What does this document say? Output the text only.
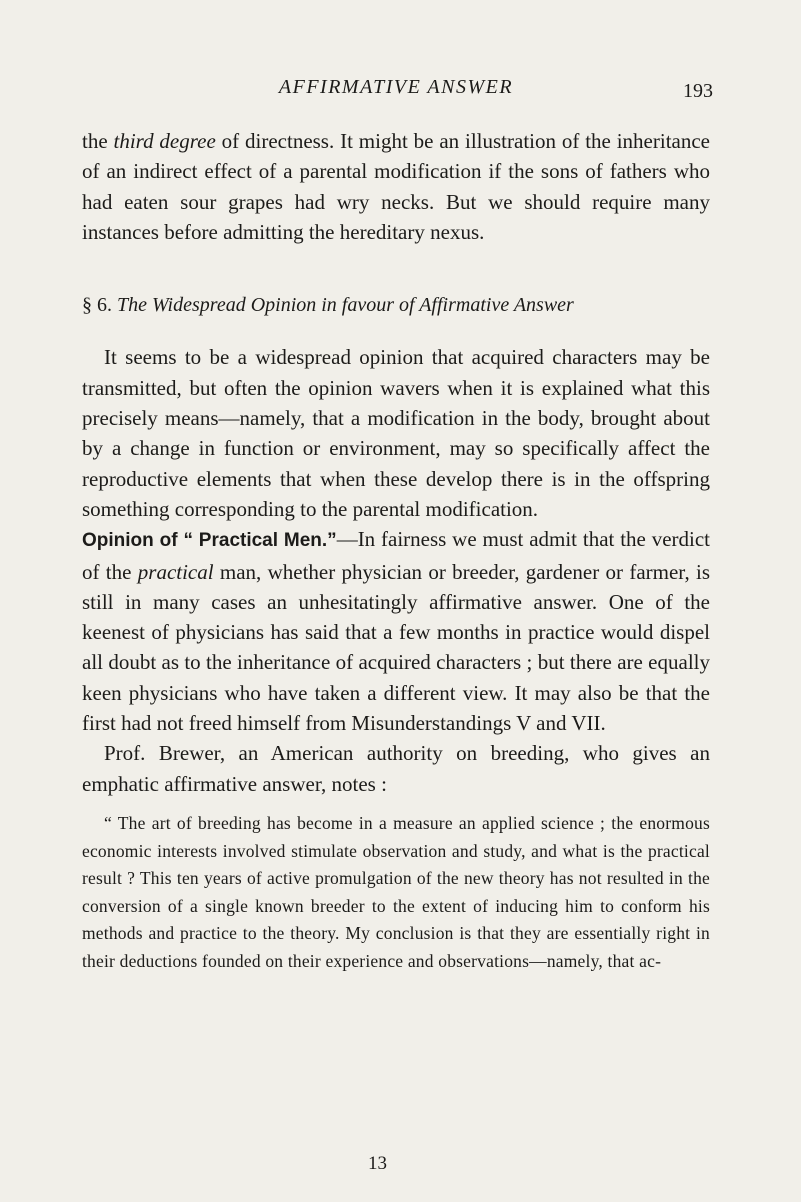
AFFIRMATIVE ANSWER	193

the third degree of directness. It might be an illustration of the inheritance of an indirect effect of a parental modification if the sons of fathers who had eaten sour grapes had wry necks. But we should require many instances before admitting the hereditary nexus.

§ 6. The Widespread Opinion in favour of Affirmative Answer

It seems to be a widespread opinion that acquired characters may be transmitted, but often the opinion wavers when it is explained what this precisely means—namely, that a modification in the body, brought about by a change in function or environment, may so specifically affect the reproductive elements that when these develop there is in the offspring something corresponding to the parental modification.

Opinion of “ Practical Men.”—In fairness we must admit that the verdict of the practical man, whether physician or breeder, gardener or farmer, is still in many cases an unhesitatingly affirmative answer. One of the keenest of physicians has said that a few months in practice would dispel all doubt as to the inheritance of acquired characters ; but there are equally keen physicians who have taken a different view. It may also be that the first had not freed himself from Misunderstandings V and VII.

Prof. Brewer, an American authority on breeding, who gives an emphatic affirmative answer, notes :

“ The art of breeding has become in a measure an applied science ; the enormous economic interests involved stimulate observation and study, and what is the practical result ? This ten years of active promulgation of the new theory has not resulted in the conversion of a single known breeder to the extent of inducing him to conform his methods and practice to the theory. My conclusion is that they are essentially right in their deductions founded on their experience and observations—namely, that ac-

13
